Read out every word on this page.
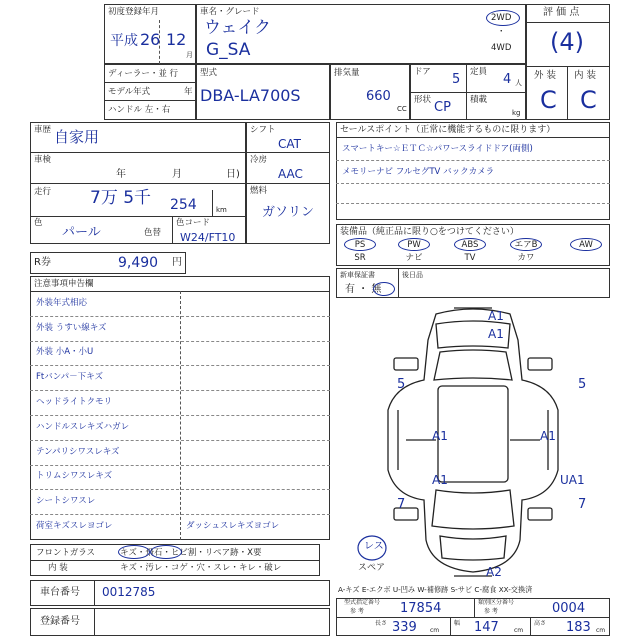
初度登録年月
平成 26 12
月
車名・グレード
ウェイク
G_SA
2WD
・
4WD
評 価 点
(4)
外 装 内 装
C C
ディーラー・並 行
モデル年式	年
ハンドル 左・右
型式
DBA-LA700S
排気量
660
CC
ドア 5 定員 4 人
形状 CP 積載
kg
車歴 自家用
車検
年	月	日)
走行 7万 5千 254	km
色
パール	色替
色コード
W24/FT10
シフト
CAT
冷房
AAC
燃料
ガソリン
R券	9,490 円
セールスポイント（正常に機能するものに限ります）
スマートキー☆ＥＴＣ☆パワースライドドア(両側)
メモリーナビ フルセグTV バックカメラ
装備品（純正品に限り○をつけてください）
PS	PW	ABS	エアB	AW
SR	ナビ	TV	カワ
新車保証書	後日品
有 ・ 無
注意事項申告欄
外装年式相応
外装 うすい線キズ
外装 小A・小U
Ftバンパ－下キズ
ヘッドライトクモリ
ハンドルスレキズハガレ
テンパリシワスレキズ
トリムシワスレキズ
シートシワスレ
荷室キズスレヨゴレ	ダッシュスレキズヨゴレ
フロントガラス	キズ・飛石・ヒビ割・リペア跡・X要
内 装	キズ・汚レ・コゲ・穴・スレ・キレ・破レ
車台番号 0012785
登録番号
A1
A1
5	5
A1	A1
A1	UA1
7	7
A2
レス
スペア
A-キズ E-エクボ U-凹み W-補修跡 S-サビ C-腐食 XX-交換済
型式指定番号
参 考	17854	類別区分番号
参 考	0004
長さ 339 cm
幅 147	cm
高さ 183 cm
